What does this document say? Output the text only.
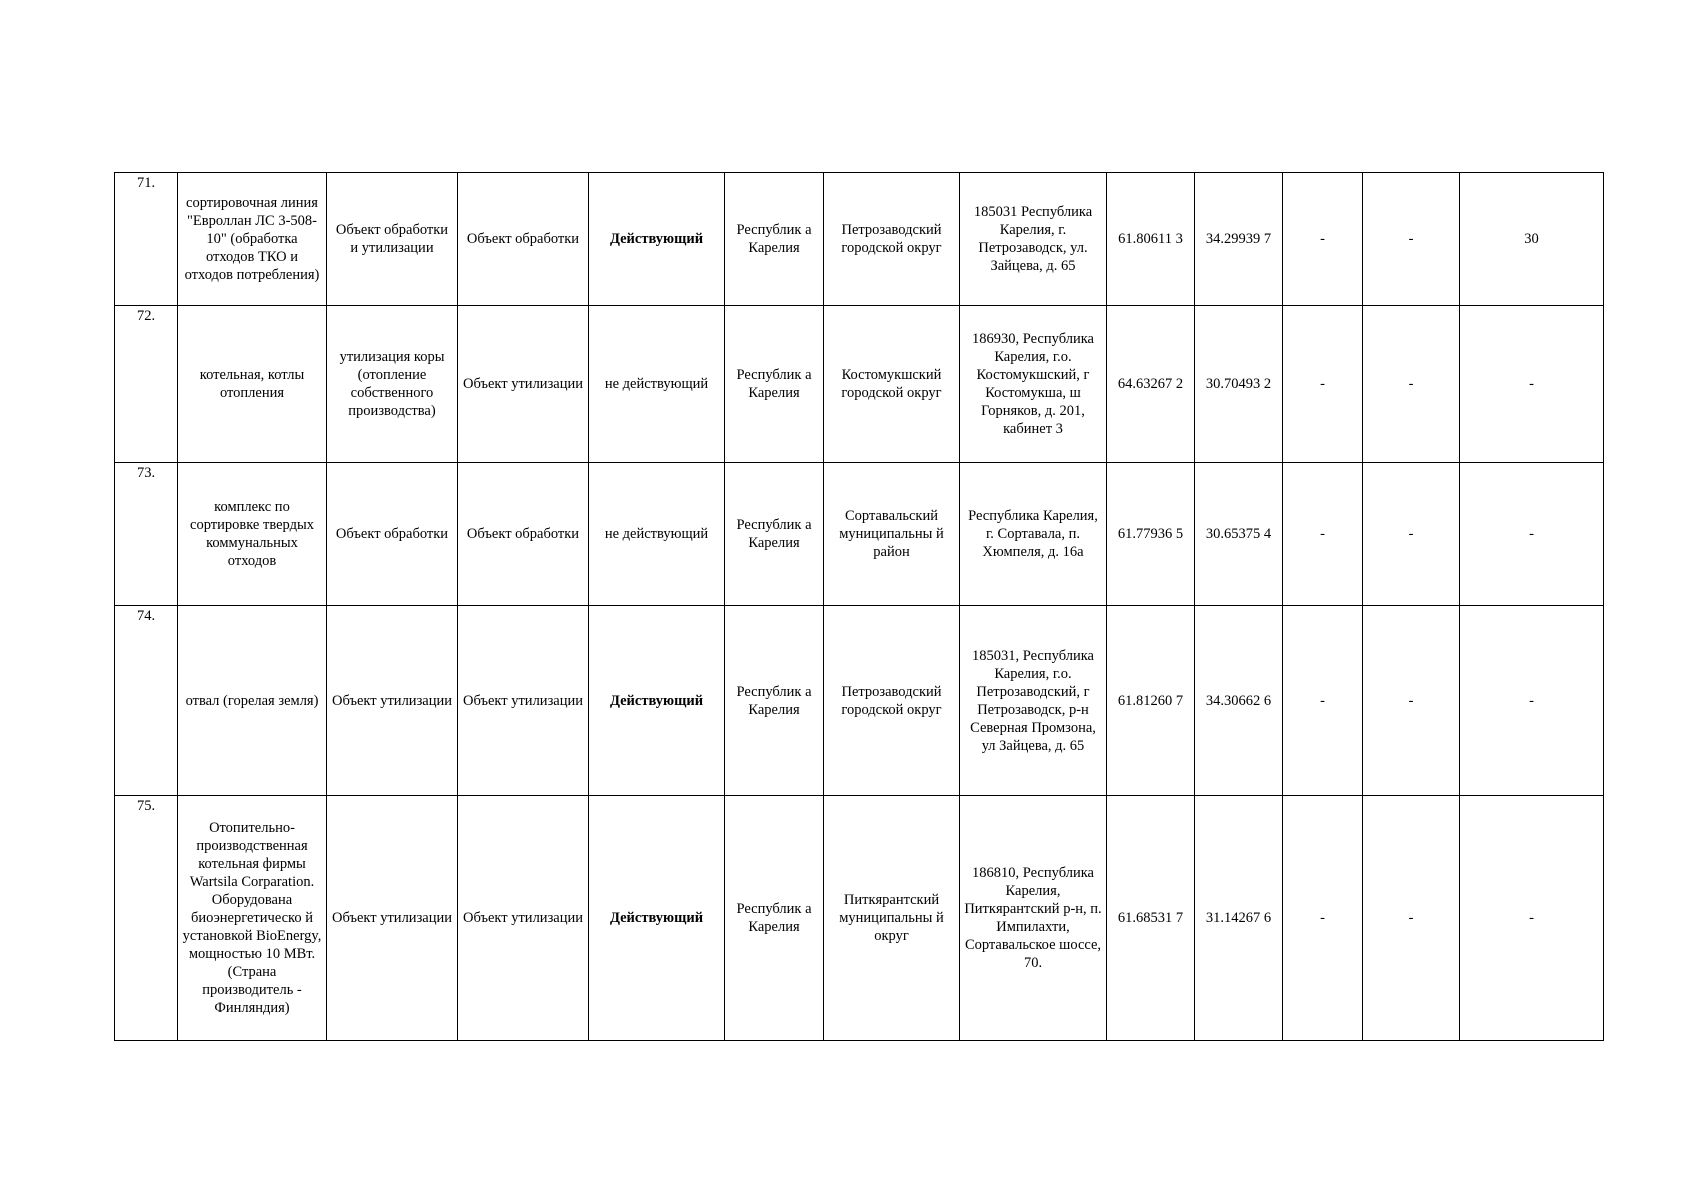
71.	сортировочная линия "Евроллан ЛС 3-508-10" (обработка отходов ТКО и отходов потребления)	Объект обработки и утилизации	Объект обработки	Действующий	Республик а Карелия	Петрозаводский городской округ	185031 Республика Карелия, г. Петрозаводск, ул. Зайцева, д. 65	61.80611 3	34.29939 7	-	-	30
72.	котельная, котлы отопления	утилизация коры (отопление собственного производства)	Объект утилизации	не действующий	Республик а Карелия	Костомукшский городской округ	186930, Республика Карелия, г.о. Костомукшский, г Костомукша, ш Горняков, д. 201, кабинет 3	64.63267 2	30.70493 2	-	-	-
73.	комплекс по сортировке твердых коммунальных отходов	Объект обработки	Объект обработки	не действующий	Республик а Карелия	Сортавальский муниципальны й район	Республика Карелия, г. Сортавала, п. Хюмпеля, д. 16а	61.77936 5	30.65375 4	-	-	-
74.	отвал (горелая земля)	Объект утилизации	Объект утилизации	Действующий	Республик а Карелия	Петрозаводский городской округ	185031, Республика Карелия, г.о. Петрозаводский, г Петрозаводск, р-н Северная Промзона, ул Зайцева, д. 65	61.81260 7	34.30662 6	-	-	-
75.	Отопительно-производственная котельная фирмы Wartsila Corparation. Оборудована биоэнергетическо й установкой BioEnergy, мощностью 10 МВт. (Страна производитель - Финляндия)	Объект утилизации	Объект утилизации	Действующий	Республик а Карелия	Питкярантский муниципальны й округ	186810, Республика Карелия, Питкярантский р-н, п. Импилахти, Сортавальское шоссе, 70.	61.68531 7	31.14267 6	-	-	-
